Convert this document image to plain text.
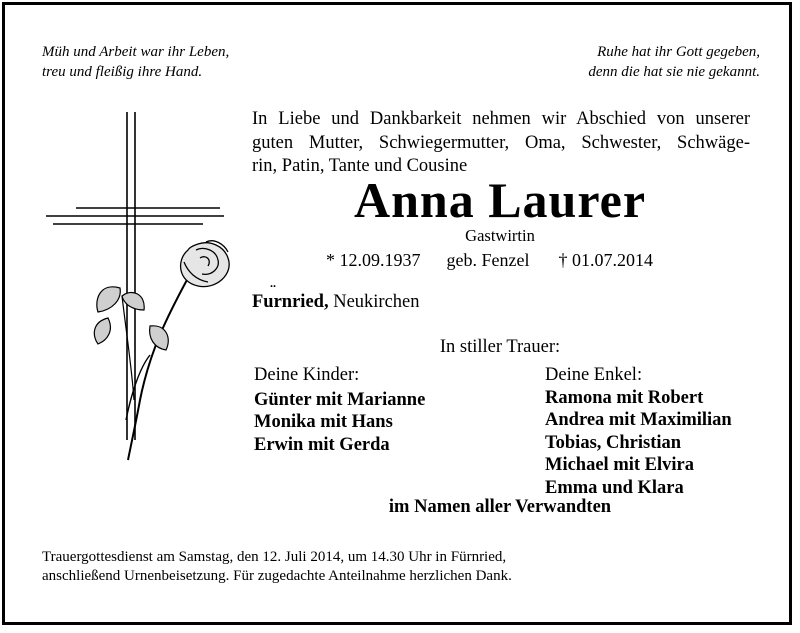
Müh und Arbeit war ihr Leben,
treu und fleißig ihre Hand.
Ruhe hat ihr Gott gegeben,
denn die hat sie nie gekannt.
In Liebe und Dankbarkeit nehmen wir Abschied von unserer
guten Mutter, Schwiegermutter, Oma, Schwester, Schwäge-
rin, Patin, Tante und Cousine
Anna Laurer
Gastwirtin
* 12.09.1937 geb. Fenzel † 01.07.2014
Furnried,
..
Neukirchen
In stiller Trauer:
Deine Kinder:
Günter mit Marianne
Monika mit Hans
Erwin mit Gerda
Deine Enkel:
Ramona mit Robert
Andrea mit Maximilian
Tobias, Christian
Michael mit Elvira
Emma und Klara
im Namen aller Verwandten
Trauergottesdienst am Samstag, den 12. Juli 2014, um 14.30 Uhr in Fürnried,
anschließend Urnenbeisetzung. Für zugedachte Anteilnahme herzlichen Dank.
